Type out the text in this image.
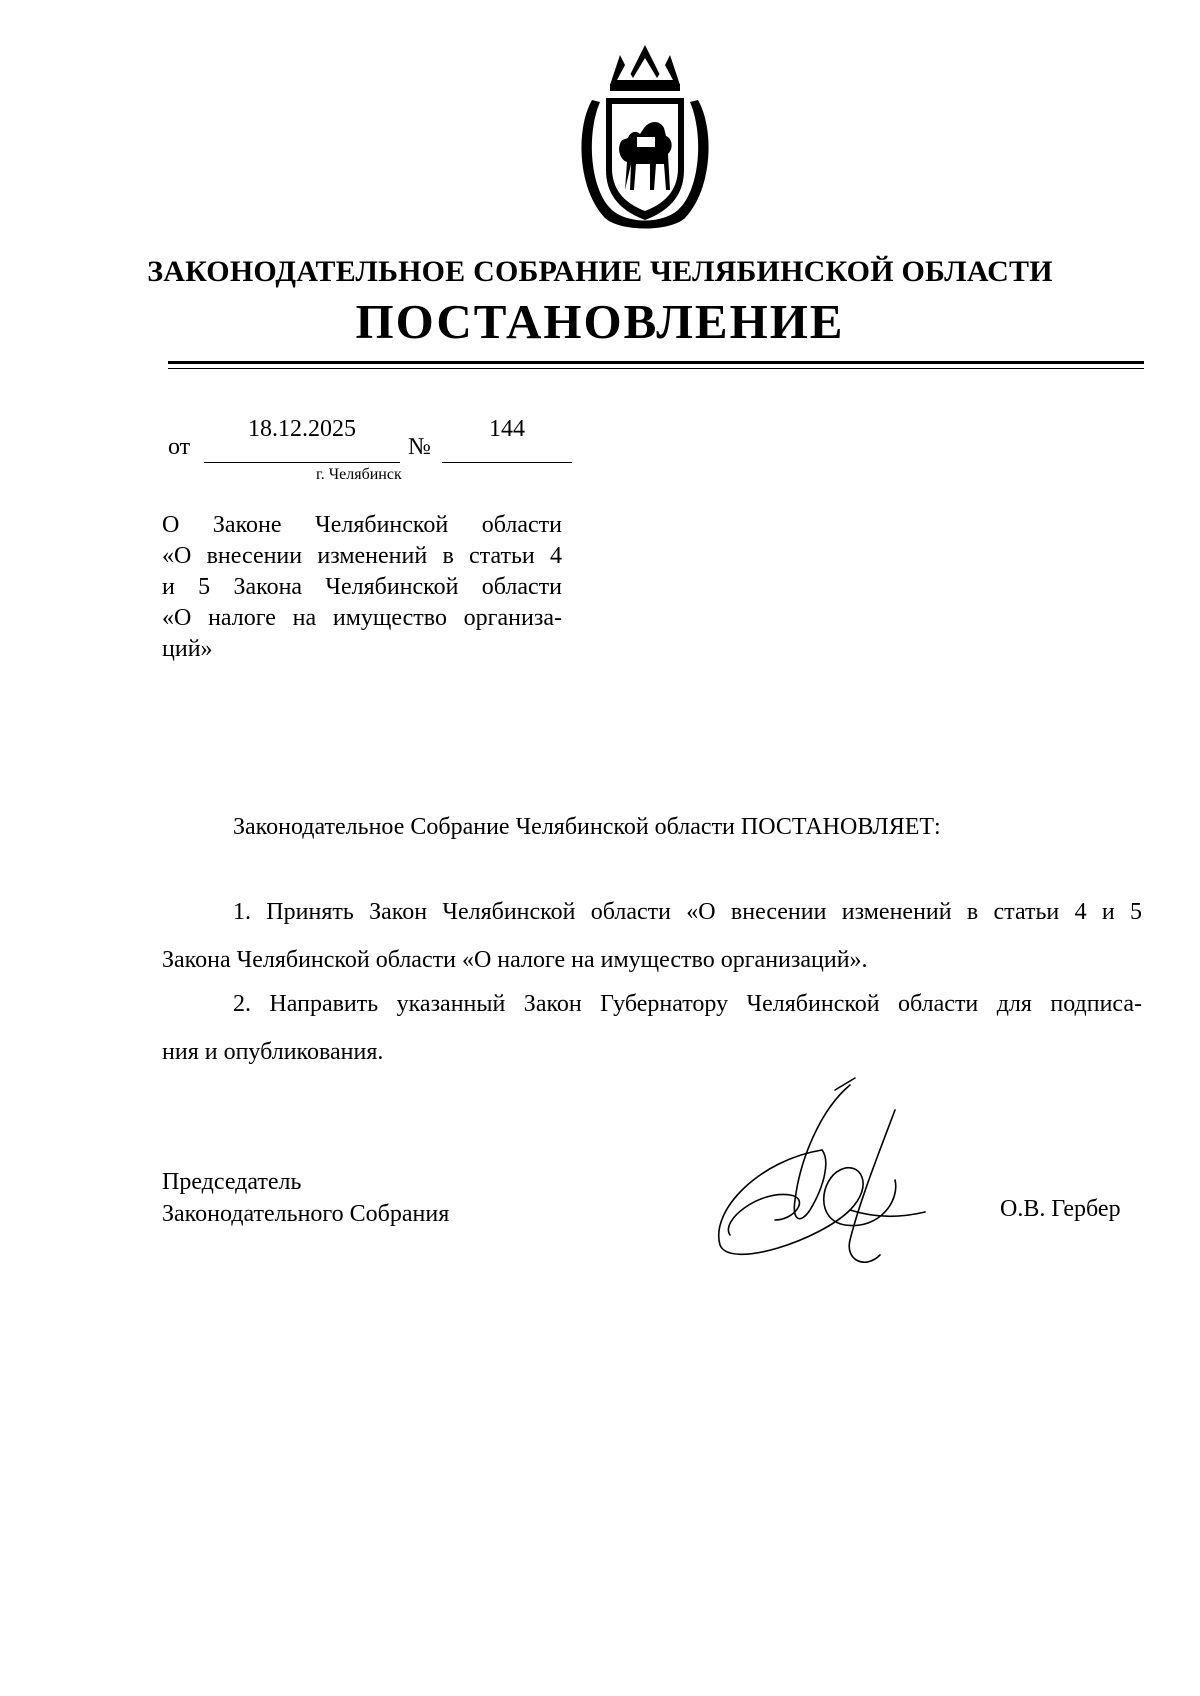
ЗАКОНОДАТЕЛЬНОЕ СОБРАНИЕ ЧЕЛЯБИНСКОЙ ОБЛАСТИ
ПОСТАНОВЛЕНИЕ
от
18.12.2025
№
144
г. Челябинск
О Законе Челябинской области
«О внесении изменений в статьи 4
и 5 Закона Челябинской области
«О налоге на имущество организа-
ций»
Законодательное Собрание Челябинской области ПОСТАНОВЛЯЕТ:
1. Принять Закон Челябинской области «О внесении изменений в статьи 4 и 5
Закона Челябинской области «О налоге на имущество организаций».
2. Направить указанный Закон Губернатору Челябинской области для подписа-
ния и опубликования.
Председатель
Законодательного Собрания	О.В. Гербер
